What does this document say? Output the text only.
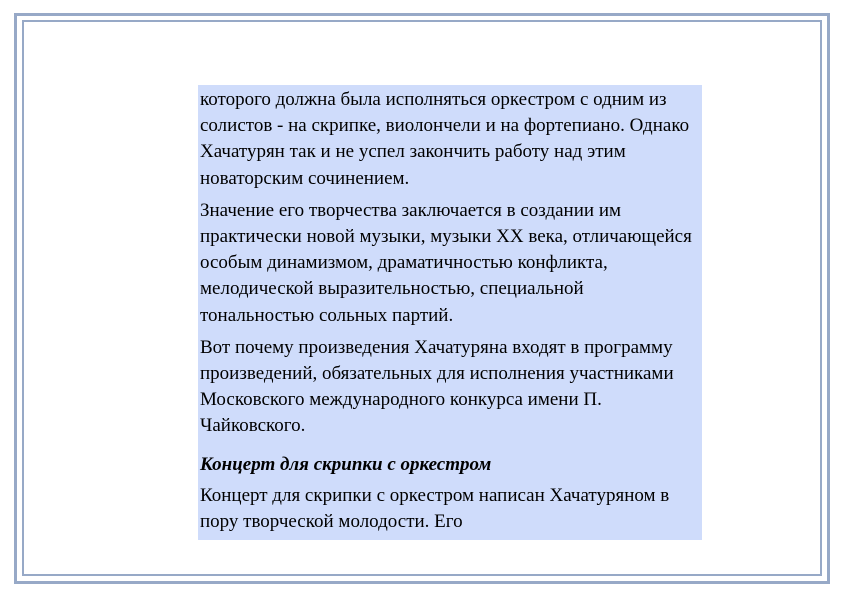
которого должна была исполняться оркестром с одним из солистов - на скрипке, виолончели и на фортепиано. Однако Хачатурян так и не успел закончить работу над этим новаторским сочинением.

Значение его творчества заключается в создании им практически новой музыки, музыки XX века, отличающейся особым динамизмом, драматичностью конфликта, мелодической выразительностью, специальной тональностью сольных партий.

Вот почему произведения Хачатуряна входят в программу произведений, обязательных для исполнения участниками Московского международного конкурса имени П. Чайковского.

Концерт для скрипки с оркестром

Концерт для скрипки с оркестром написан Хачатуряном в пору творческой молодости. Его
